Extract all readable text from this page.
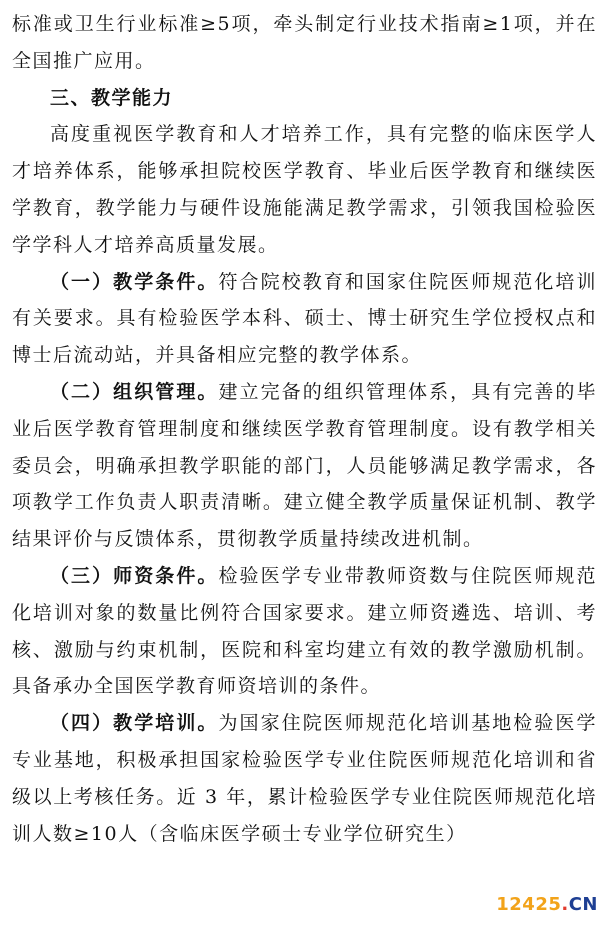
标准或卫生行业标准≥5项，牵头制定行业技术指南≥1项，并在全国推广应用。

三、教学能力

高度重视医学教育和人才培养工作，具有完整的临床医学人才培养体系，能够承担院校医学教育、毕业后医学教育和继续医学教育，教学能力与硬件设施能满足教学需求，引领我国检验医学学科人才培养高质量发展。

（一）教学条件。符合院校教育和国家住院医师规范化培训有关要求。具有检验医学本科、硕士、博士研究生学位授权点和博士后流动站，并具备相应完整的教学体系。

（二）组织管理。建立完备的组织管理体系，具有完善的毕业后医学教育管理制度和继续医学教育管理制度。设有教学相关委员会，明确承担教学职能的部门，人员能够满足教学需求，各项教学工作负责人职责清晰。建立健全教学质量保证机制、教学结果评价与反馈体系，贯彻教学质量持续改进机制。

（三）师资条件。检验医学专业带教师资数与住院医师规范化培训对象的数量比例符合国家要求。建立师资遴选、培训、考核、激励与约束机制，医院和科室均建立有效的教学激励机制。具备承办全国医学教育师资培训的条件。

（四）教学培训。为国家住院医师规范化培训基地检验医学专业基地，积极承担国家检验医学专业住院医师规范化培训和省级以上考核任务。近 3 年，累计检验医学专业住院医师规范化培训人数≥10人（含临床医学硕士专业学位研究生）

12425.CN
